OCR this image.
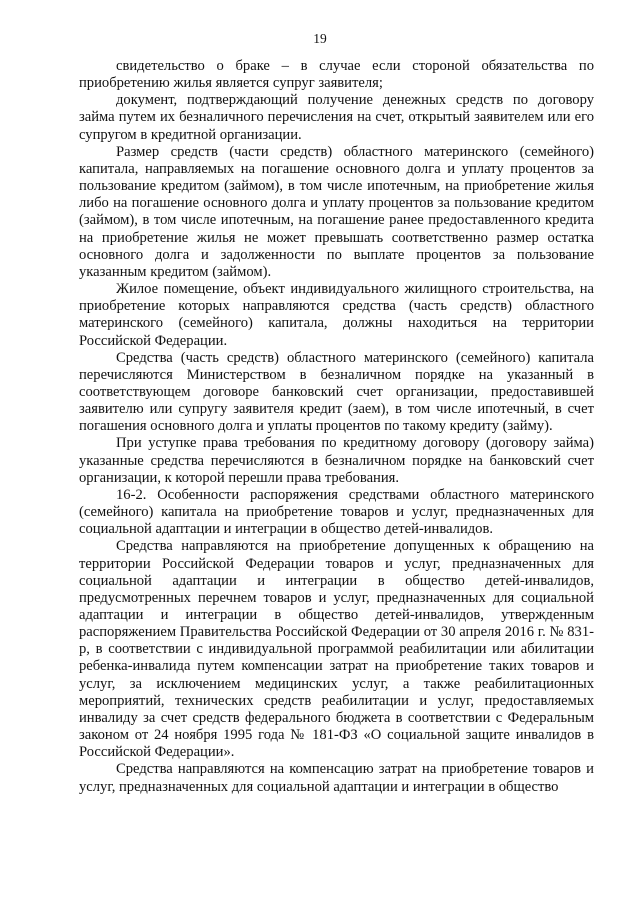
19

свидетельство о браке – в случае если стороной обязательства по приобретению жилья является супруг заявителя;

документ, подтверждающий получение денежных средств по договору займа путем их безналичного перечисления на счет, открытый заявителем или его супругом в кредитной организации.

Размер средств (части средств) областного материнского (семейного) капитала, направляемых на погашение основного долга и уплату процентов за пользование кредитом (займом), в том числе ипотечным, на приобретение жилья либо на погашение основного долга и уплату процентов за пользование кредитом (займом), в том числе ипотечным, на погашение ранее предоставленного кредита на приобретение жилья не может превышать соответственно размер остатка основного долга и задолженности по выплате процентов за пользование указанным кредитом (займом).

Жилое помещение, объект индивидуального жилищного строительства, на приобретение которых направляются средства (часть средств) областного материнского (семейного) капитала, должны находиться на территории Российской Федерации.

Средства (часть средств) областного материнского (семейного) капитала перечисляются Министерством в безналичном порядке на указанный в соответствующем договоре банковский счет организации, предоставившей заявителю или супругу заявителя кредит (заем), в том числе ипотечный, в счет погашения основного долга и уплаты процентов по такому кредиту (займу).

При уступке права требования по кредитному договору (договору займа) указанные средства перечисляются в безналичном порядке на банковский счет организации, к которой перешли права требования.

16-2. Особенности распоряжения средствами областного материнского (семейного) капитала на приобретение товаров и услуг, предназначенных для социальной адаптации и интеграции в общество детей-инвалидов.

Средства направляются на приобретение допущенных к обращению на территории Российской Федерации товаров и услуг, предназначенных для социальной адаптации и интеграции в общество детей-инвалидов, предусмотренных перечнем товаров и услуг, предназначенных для социальной адаптации и интеграции в общество детей-инвалидов, утвержденным распоряжением Правительства Российской Федерации от 30 апреля 2016 г. № 831-р, в соответствии с индивидуальной программой реабилитации или абилитации ребенка-инвалида путем компенсации затрат на приобретение таких товаров и услуг, за исключением медицинских услуг, а также реабилитационных мероприятий, технических средств реабилитации и услуг, предоставляемых инвалиду за счет средств федерального бюджета в соответствии с Федеральным законом от 24 ноября 1995 года № 181-ФЗ «О социальной защите инвалидов в Российской Федерации».

Средства направляются на компенсацию затрат на приобретение товаров и услуг, предназначенных для социальной адаптации и интеграции в общество
